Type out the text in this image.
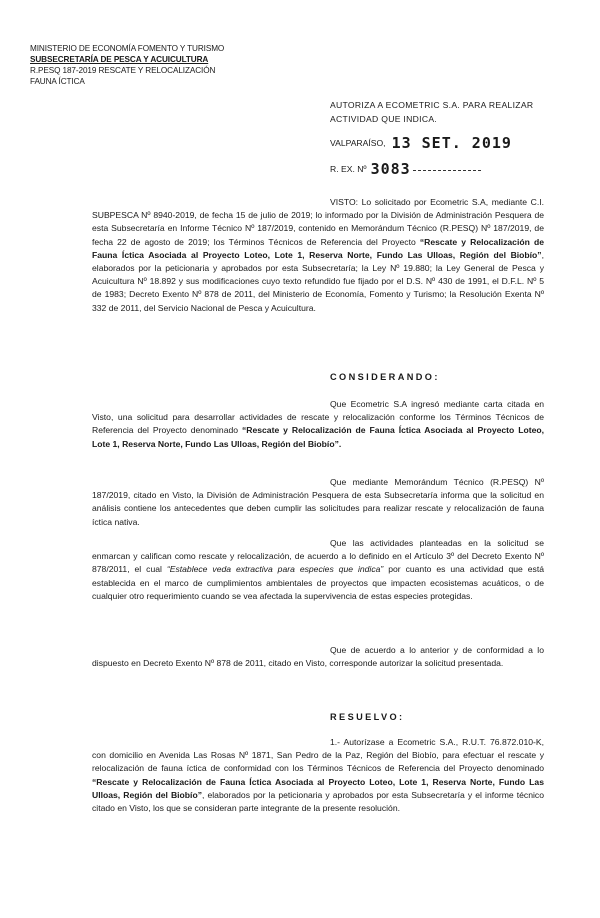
MINISTERIO DE ECONOMÍA FOMENTO Y TURISMO
SUBSECRETARÍA DE PESCA Y ACUICULTURA
R.PESQ 187-2019 RESCATE Y RELOCALIZACIÓN
FAUNA ÍCTICA
AUTORIZA A ECOMETRIC S.A. PARA REALIZAR ACTIVIDAD QUE INDICA.
VALPARAÍSO, 13 SET. 2019
R. EX. Nº 3083
VISTO: Lo solicitado por Ecometric S.A, mediante C.I. SUBPESCA Nº 8940-2019, de fecha 15 de julio de 2019; lo informado por la División de Administración Pesquera de esta Subsecretaría en Informe Técnico Nº 187/2019, contenido en Memorándum Técnico (R.PESQ) Nº 187/2019, de fecha 22 de agosto de 2019; los Términos Técnicos de Referencia del Proyecto “Rescate y Relocalización de Fauna Íctica Asociada al Proyecto Loteo, Lote 1, Reserva Norte, Fundo Las Ulloas, Región del Biobío”, elaborados por la peticionaria y aprobados por esta Subsecretaría; la Ley Nº 19.880; la Ley General de Pesca y Acuicultura Nº 18.892 y sus modificaciones cuyo texto refundido fue fijado por el D.S. Nº 430 de 1991, el D.F.L. Nº 5 de 1983; Decreto Exento Nº 878 de 2011, del Ministerio de Economía, Fomento y Turismo; la Resolución Exenta Nº 332 de 2011, del Servicio Nacional de Pesca y Acuicultura.
CONSIDERANDO:
Que Ecometric S.A ingresó mediante carta citada en Visto, una solicitud para desarrollar actividades de rescate y relocalización conforme los Términos Técnicos de Referencia del Proyecto denominado “Rescate y Relocalización de Fauna Íctica Asociada al Proyecto Loteo, Lote 1, Reserva Norte, Fundo Las Ulloas, Región del Biobío”.
Que mediante Memorándum Técnico (R.PESQ) Nº 187/2019, citado en Visto, la División de Administración Pesquera de esta Subsecretaría informa que la solicitud en análisis contiene los antecedentes que deben cumplir las solicitudes para realizar rescate y relocalización de fauna íctica nativa.
Que las actividades planteadas en la solicitud se enmarcan y califican como rescate y relocalización, de acuerdo a lo definido en el Artículo 3º del Decreto Exento Nº 878/2011, el cual “Establece veda extractiva para especies que indica” por cuanto es una actividad que está establecida en el marco de cumplimientos ambientales de proyectos que impacten ecosistemas acuáticos, o de cualquier otro requerimiento cuando se vea afectada la supervivencia de estas especies protegidas.
Que de acuerdo a lo anterior y de conformidad a lo dispuesto en Decreto Exento Nº 878 de 2011, citado en Visto, corresponde autorizar la solicitud presentada.
RESUELVO:
1.- Autorízase a Ecometric S.A., R.U.T. 76.872.010-K, con domicilio en Avenida Las Rosas Nº 1871, San Pedro de la Paz, Región del Biobío, para efectuar el rescate y relocalización de fauna íctica de conformidad con los Términos Técnicos de Referencia del Proyecto denominado “Rescate y Relocalización de Fauna Íctica Asociada al Proyecto Loteo, Lote 1, Reserva Norte, Fundo Las Ulloas, Región del Biobío”, elaborados por la peticionaria y aprobados por esta Subsecretaría y el informe técnico citado en Visto, los que se consideran parte integrante de la presente resolución.
